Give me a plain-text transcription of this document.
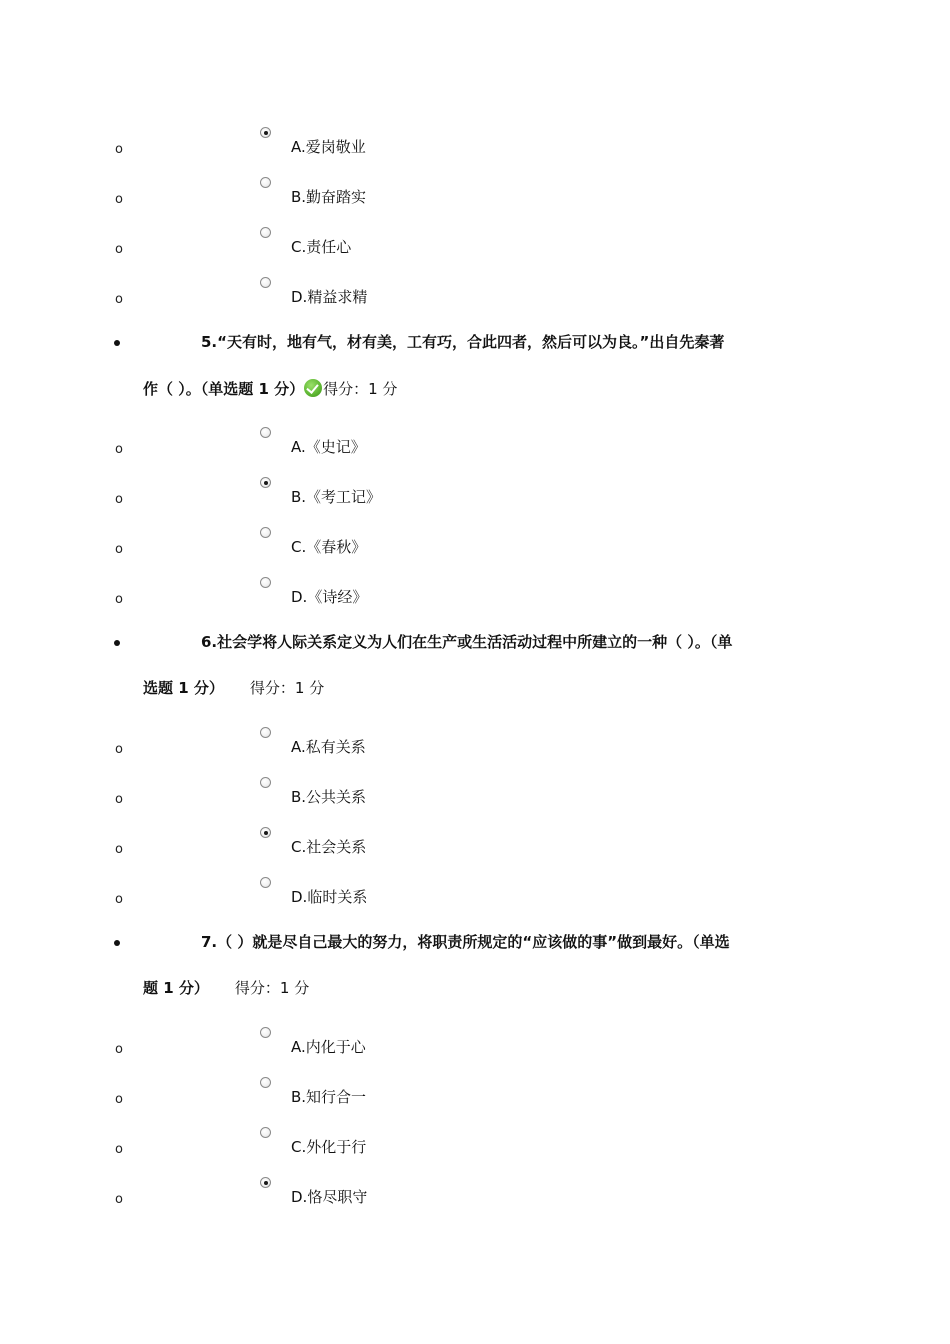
o	A.爱岗敬业
o	B.勤奋踏实
o	C.责任心
o	D.精益求精
5.“天有时，地有气，材有美，工有巧，合此四者，然后可以为良。”出自先秦著
作（ ）。（单选题 1 分） 得分：1 分
o	A.《史记》
o	B.《考工记》
o	C.《春秋》
o	D.《诗经》
6.社会学将人际关系定义为人们在生产或生活活动过程中所建立的一种（ ）。（单
选题 1 分） 得分：1 分
o	A.私有关系
o	B.公共关系
o	C.社会关系
o	D.临时关系
7.（ ）就是尽自己最大的努力，将职责所规定的“应该做的事”做到最好。（单选
题 1 分） 得分：1 分
o	A.内化于心
o	B.知行合一
o	C.外化于行
o	D.恪尽职守
